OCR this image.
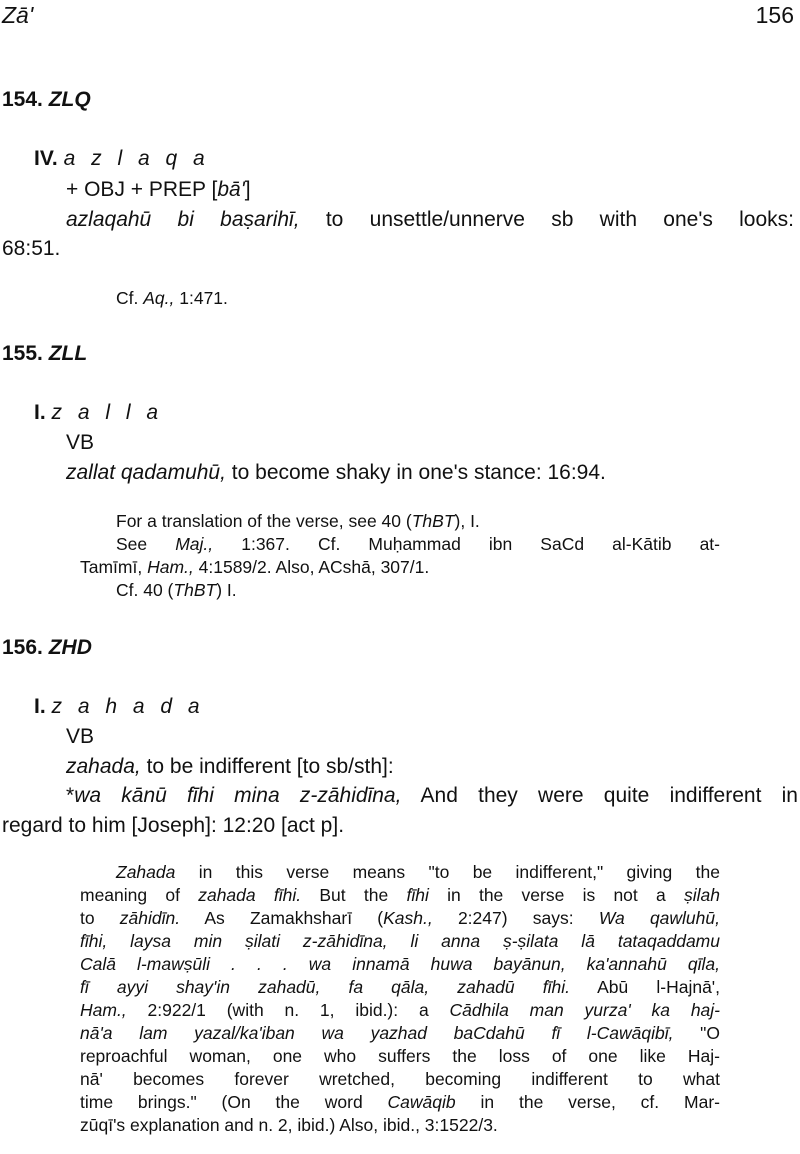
Zā'	156
154. ZLQ
IV. a z l a q a
+ OBJ + PREP [bā']
azlaqahū bi baṣarihī, to unsettle/unnerve sb with one's looks:
68:51.
Cf. Aq., 1:471.
155. ZLL
I. z a l l a
VB
zallat qadamuhū, to become shaky in one's stance: 16:94.
For a translation of the verse, see 40 (ThBT), I.
See Maj., 1:367. Cf. Muḥammad ibn SaCd al-Kātib at-
Tamīmī, Ham., 4:1589/2. Also, ACshā, 307/1.
Cf. 40 (ThBT) I.
156. ZHD
I. z a h a d a
VB
zahada, to be indifferent [to sb/sth]:
*wa kānū fīhi mina z-zāhidīna, And they were quite indifferent in
regard to him [Joseph]: 12:20 [act p].
Zahada in this verse means "to be indifferent," giving the
meaning of zahada fīhi. But the fīhi in the verse is not a ṣilah
to zāhidīn. As Zamakhsharī (Kash., 2:247) says: Wa qawluhū,
fīhi, laysa min ṣilati z-zāhidīna, li anna ṣ-ṣilata lā tataqaddamu
Calā l-mawṣūli . . . wa innamā huwa bayānun, ka'annahū qīla,
fī ayyi shay'in zahadū, fa qāla, zahadū fīhi. Abū l-Hajnā',
Ham., 2:922/1 (with n. 1, ibid.): a Cādhila man yurza' ka haj-
nā'a lam yazal/ka'iban wa yazhad baCdahū fī l-Cawāqibī, "O
reproachful woman, one who suffers the loss of one like Haj-
nā' becomes forever wretched, becoming indifferent to what
time brings." (On the word Cawāqib in the verse, cf. Mar-
zūqī's explanation and n. 2, ibid.) Also, ibid., 3:1522/3.
